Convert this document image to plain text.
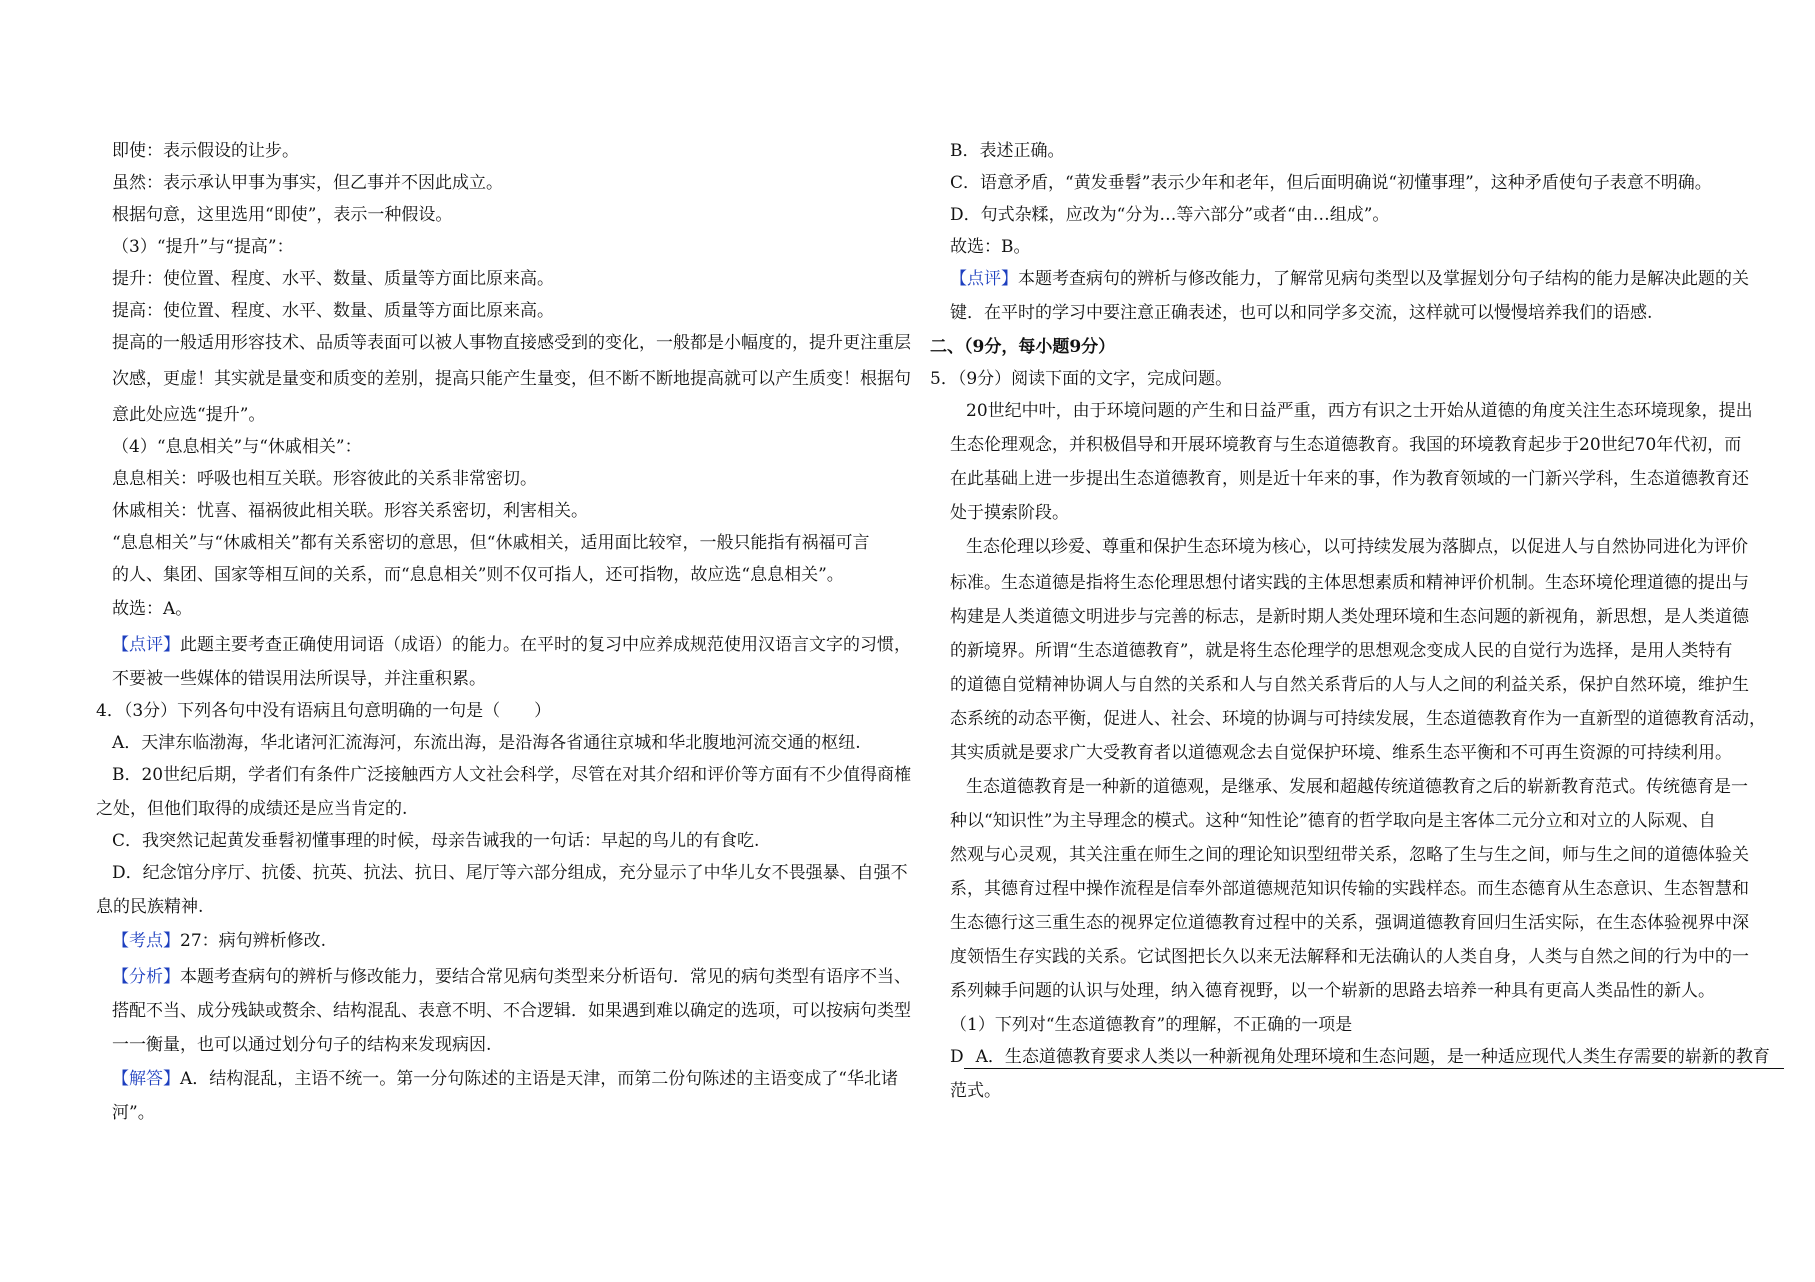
即使：表示假设的让步。
虽然：表示承认甲事为事实，但乙事并不因此成立。
根据句意，这里选用“即使”，表示一种假设。
（3）“提升”与“提高”：
提升：使位置、程度、水平、数量、质量等方面比原来高。
提高：使位置、程度、水平、数量、质量等方面比原来高。
提高的一般适用形容技术、品质等表面可以被人事物直接感受到的变化，一般都是小幅度的，提升更注重层
次感，更虚！其实就是量变和质变的差别，提高只能产生量变，但不断不断地提高就可以产生质变！根据句
意此处应选“提升”。
（4）“息息相关”与“休戚相关”：
息息相关：呼吸也相互关联。形容彼此的关系非常密切。
休戚相关：忧喜、福祸彼此相关联。形容关系密切，利害相关。
“息息相关”与“休戚相关”都有关系密切的意思，但“休戚相关，适用面比较窄，一般只能指有祸福可言
的人、集团、国家等相互间的关系，而“息息相关”则不仅可指人，还可指物，故应选“息息相关”。
故选：A。
【点评】此题主要考查正确使用词语（成语）的能力。在平时的复习中应养成规范使用汉语言文字的习惯，
不要被一些媒体的错误用法所误导，并注重积累。
4．（3分）下列各句中没有语病且句意明确的一句是（　　）
A．天津东临渤海，华北诸河汇流海河，东流出海，是沿海各省通往京城和华北腹地河流交通的枢纽.
B．20世纪后期，学者们有条件广泛接触西方人文社会科学，尽管在对其介绍和评价等方面有不少值得商榷
之处，但他们取得的成绩还是应当肯定的.
C．我突然记起黄发垂髫初懂事理的时候，母亲告诫我的一句话：早起的鸟儿的有食吃.
D．纪念馆分序厅、抗倭、抗英、抗法、抗日、尾厅等六部分组成，充分显示了中华儿女不畏强暴、自强不
息的民族精神.
【考点】27：病句辨析修改.
【分析】本题考查病句的辨析与修改能力，要结合常见病句类型来分析语句．常见的病句类型有语序不当、
搭配不当、成分残缺或赘余、结构混乱、表意不明、不合逻辑．如果遇到难以确定的选项，可以按病句类型
一一衡量，也可以通过划分句子的结构来发现病因.
【解答】A．结构混乱，主语不统一。第一分句陈述的主语是天津，而第二份句陈述的主语变成了“华北诸
河”。
B．表述正确。
C．语意矛盾，“黄发垂髫”表示少年和老年，但后面明确说“初懂事理”，这种矛盾使句子表意不明确。
D．句式杂糅，应改为“分为…等六部分”或者“由…组成”。
故选：B。
【点评】本题考查病句的辨析与修改能力，了解常见病句类型以及掌握划分句子结构的能力是解决此题的关
键．在平时的学习中要注意正确表述，也可以和同学多交流，这样就可以慢慢培养我们的语感.
二、（9分，每小题9分）
5．（9分）阅读下面的文字，完成问题。
20世纪中叶，由于环境问题的产生和日益严重，西方有识之士开始从道德的角度关注生态环境现象，提出
生态伦理观念，并积极倡导和开展环境教育与生态道德教育。我国的环境教育起步于20世纪70年代初，而
在此基础上进一步提出生态道德教育，则是近十年来的事，作为教育领域的一门新兴学科，生态道德教育还
处于摸索阶段。
生态伦理以珍爱、尊重和保护生态环境为核心，以可持续发展为落脚点，以促进人与自然协同进化为评价
标准。生态道德是指将生态伦理思想付诸实践的主体思想素质和精神评价机制。生态环境伦理道德的提出与
构建是人类道德文明进步与完善的标志，是新时期人类处理环境和生态问题的新视角，新思想，是人类道德
的新境界。所谓“生态道德教育”，就是将生态伦理学的思想观念变成人民的自觉行为选择，是用人类特有
的道德自觉精神协调人与自然的关系和人与自然关系背后的人与人之间的利益关系，保护自然环境，维护生
态系统的动态平衡，促进人、社会、环境的协调与可持续发展，生态道德教育作为一直新型的道德教育活动，
其实质就是要求广大受教育者以道德观念去自觉保护环境、维系生态平衡和不可再生资源的可持续利用。
生态道德教育是一种新的道德观，是继承、发展和超越传统道德教育之后的崭新教育范式。传统德育是一
种以“知识性”为主导理念的模式。这种“知性论”德育的哲学取向是主客体二元分立和对立的人际观、自
然观与心灵观，其关注重在师生之间的理论知识型纽带关系，忽略了生与生之间，师与生之间的道德体验关
系，其德育过程中操作流程是信奉外部道德规范知识传输的实践样态。而生态德育从生态意识、生态智慧和
生态德行这三重生态的视界定位道德教育过程中的关系，强调道德教育回归生活实际，在生态体验视界中深
度领悟生存实践的关系。它试图把长久以来无法解释和无法确认的人类自身，人类与自然之间的行为中的一
系列棘手问题的认识与处理，纳入德育视野，以一个崭新的思路去培养一种具有更高人类品性的新人。
（1）下列对“生态道德教育”的理解，不正确的一项是
D A．生态道德教育要求人类以一种新视角处理环境和生态问题，是一种适应现代人类生存需要的崭新的教育
范式。
